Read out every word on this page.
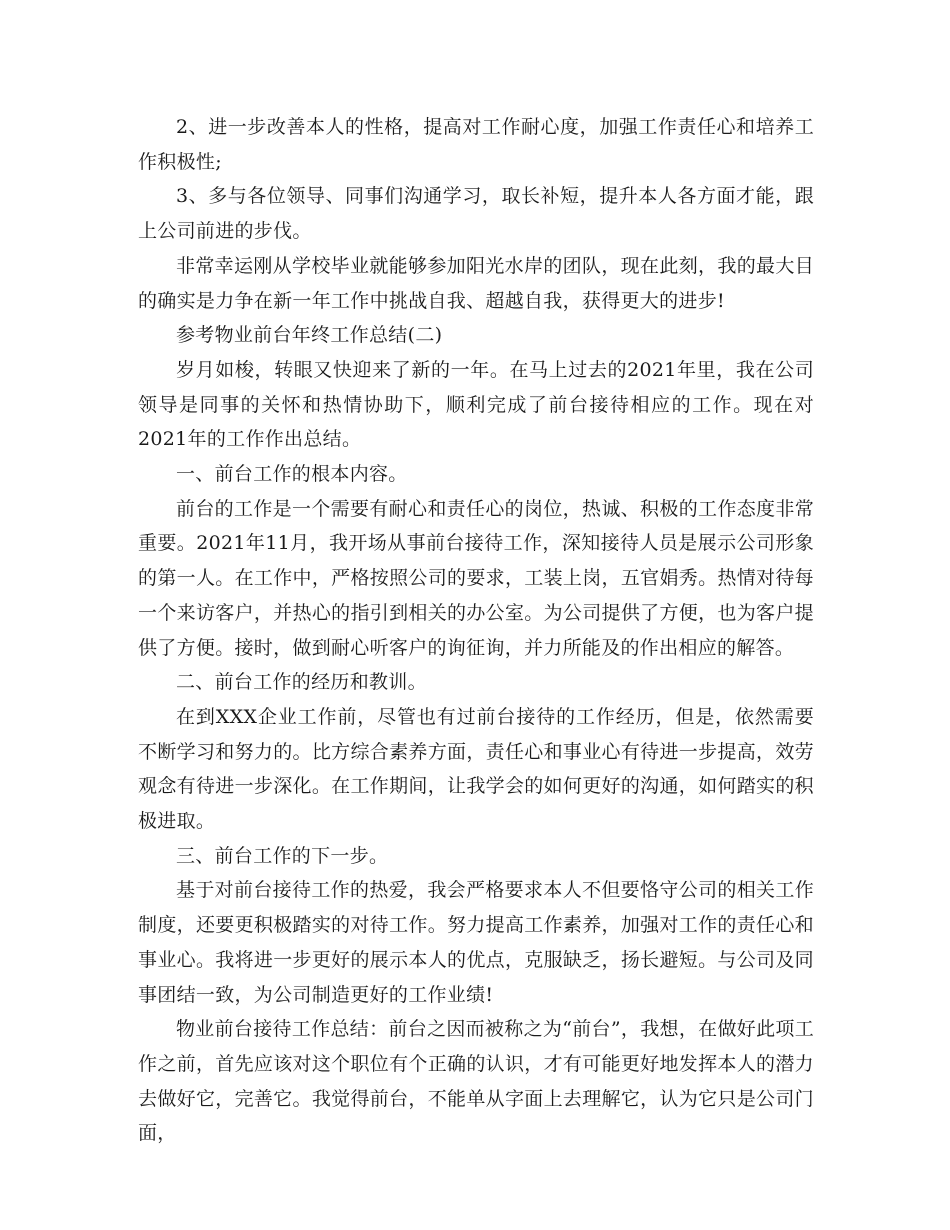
2、进一步改善本人的性格，提高对工作耐心度，加强工作责任心和培养工作积极性;

3、多与各位领导、同事们沟通学习，取长补短，提升本人各方面才能，跟上公司前进的步伐。

非常幸运刚从学校毕业就能够参加阳光水岸的团队，现在此刻，我的最大目的确实是力争在新一年工作中挑战自我、超越自我，获得更大的进步!

参考物业前台年终工作总结(二)

岁月如梭，转眼又快迎来了新的一年。在马上过去的2021年里，我在公司领导是同事的关怀和热情协助下，顺利完成了前台接待相应的工作。现在对2021年的工作作出总结。

一、前台工作的根本内容。

前台的工作是一个需要有耐心和责任心的岗位，热诚、积极的工作态度非常重要。2021年11月，我开场从事前台接待工作，深知接待人员是展示公司形象的第一人。在工作中，严格按照公司的要求，工装上岗，五官娟秀。热情对待每一个来访客户，并热心的指引到相关的办公室。为公司提供了方便，也为客户提供了方便。接时，做到耐心听客户的询征询，并力所能及的作出相应的解答。

二、前台工作的经历和教训。

在到XXX企业工作前，尽管也有过前台接待的工作经历，但是，依然需要不断学习和努力的。比方综合素养方面，责任心和事业心有待进一步提高，效劳观念有待进一步深化。在工作期间，让我学会的如何更好的沟通，如何踏实的积极进取。

三、前台工作的下一步。

基于对前台接待工作的热爱，我会严格要求本人不但要恪守公司的相关工作制度，还要更积极踏实的对待工作。努力提高工作素养，加强对工作的责任心和事业心。我将进一步更好的展示本人的优点，克服缺乏，扬长避短。与公司及同事团结一致，为公司制造更好的工作业绩!

物业前台接待工作总结：前台之因而被称之为“前台”，我想，在做好此项工作之前，首先应该对这个职位有个正确的认识，才有可能更好地发挥本人的潜力去做好它，完善它。我觉得前台，不能单从字面上去理解它，认为它只是公司门面，
